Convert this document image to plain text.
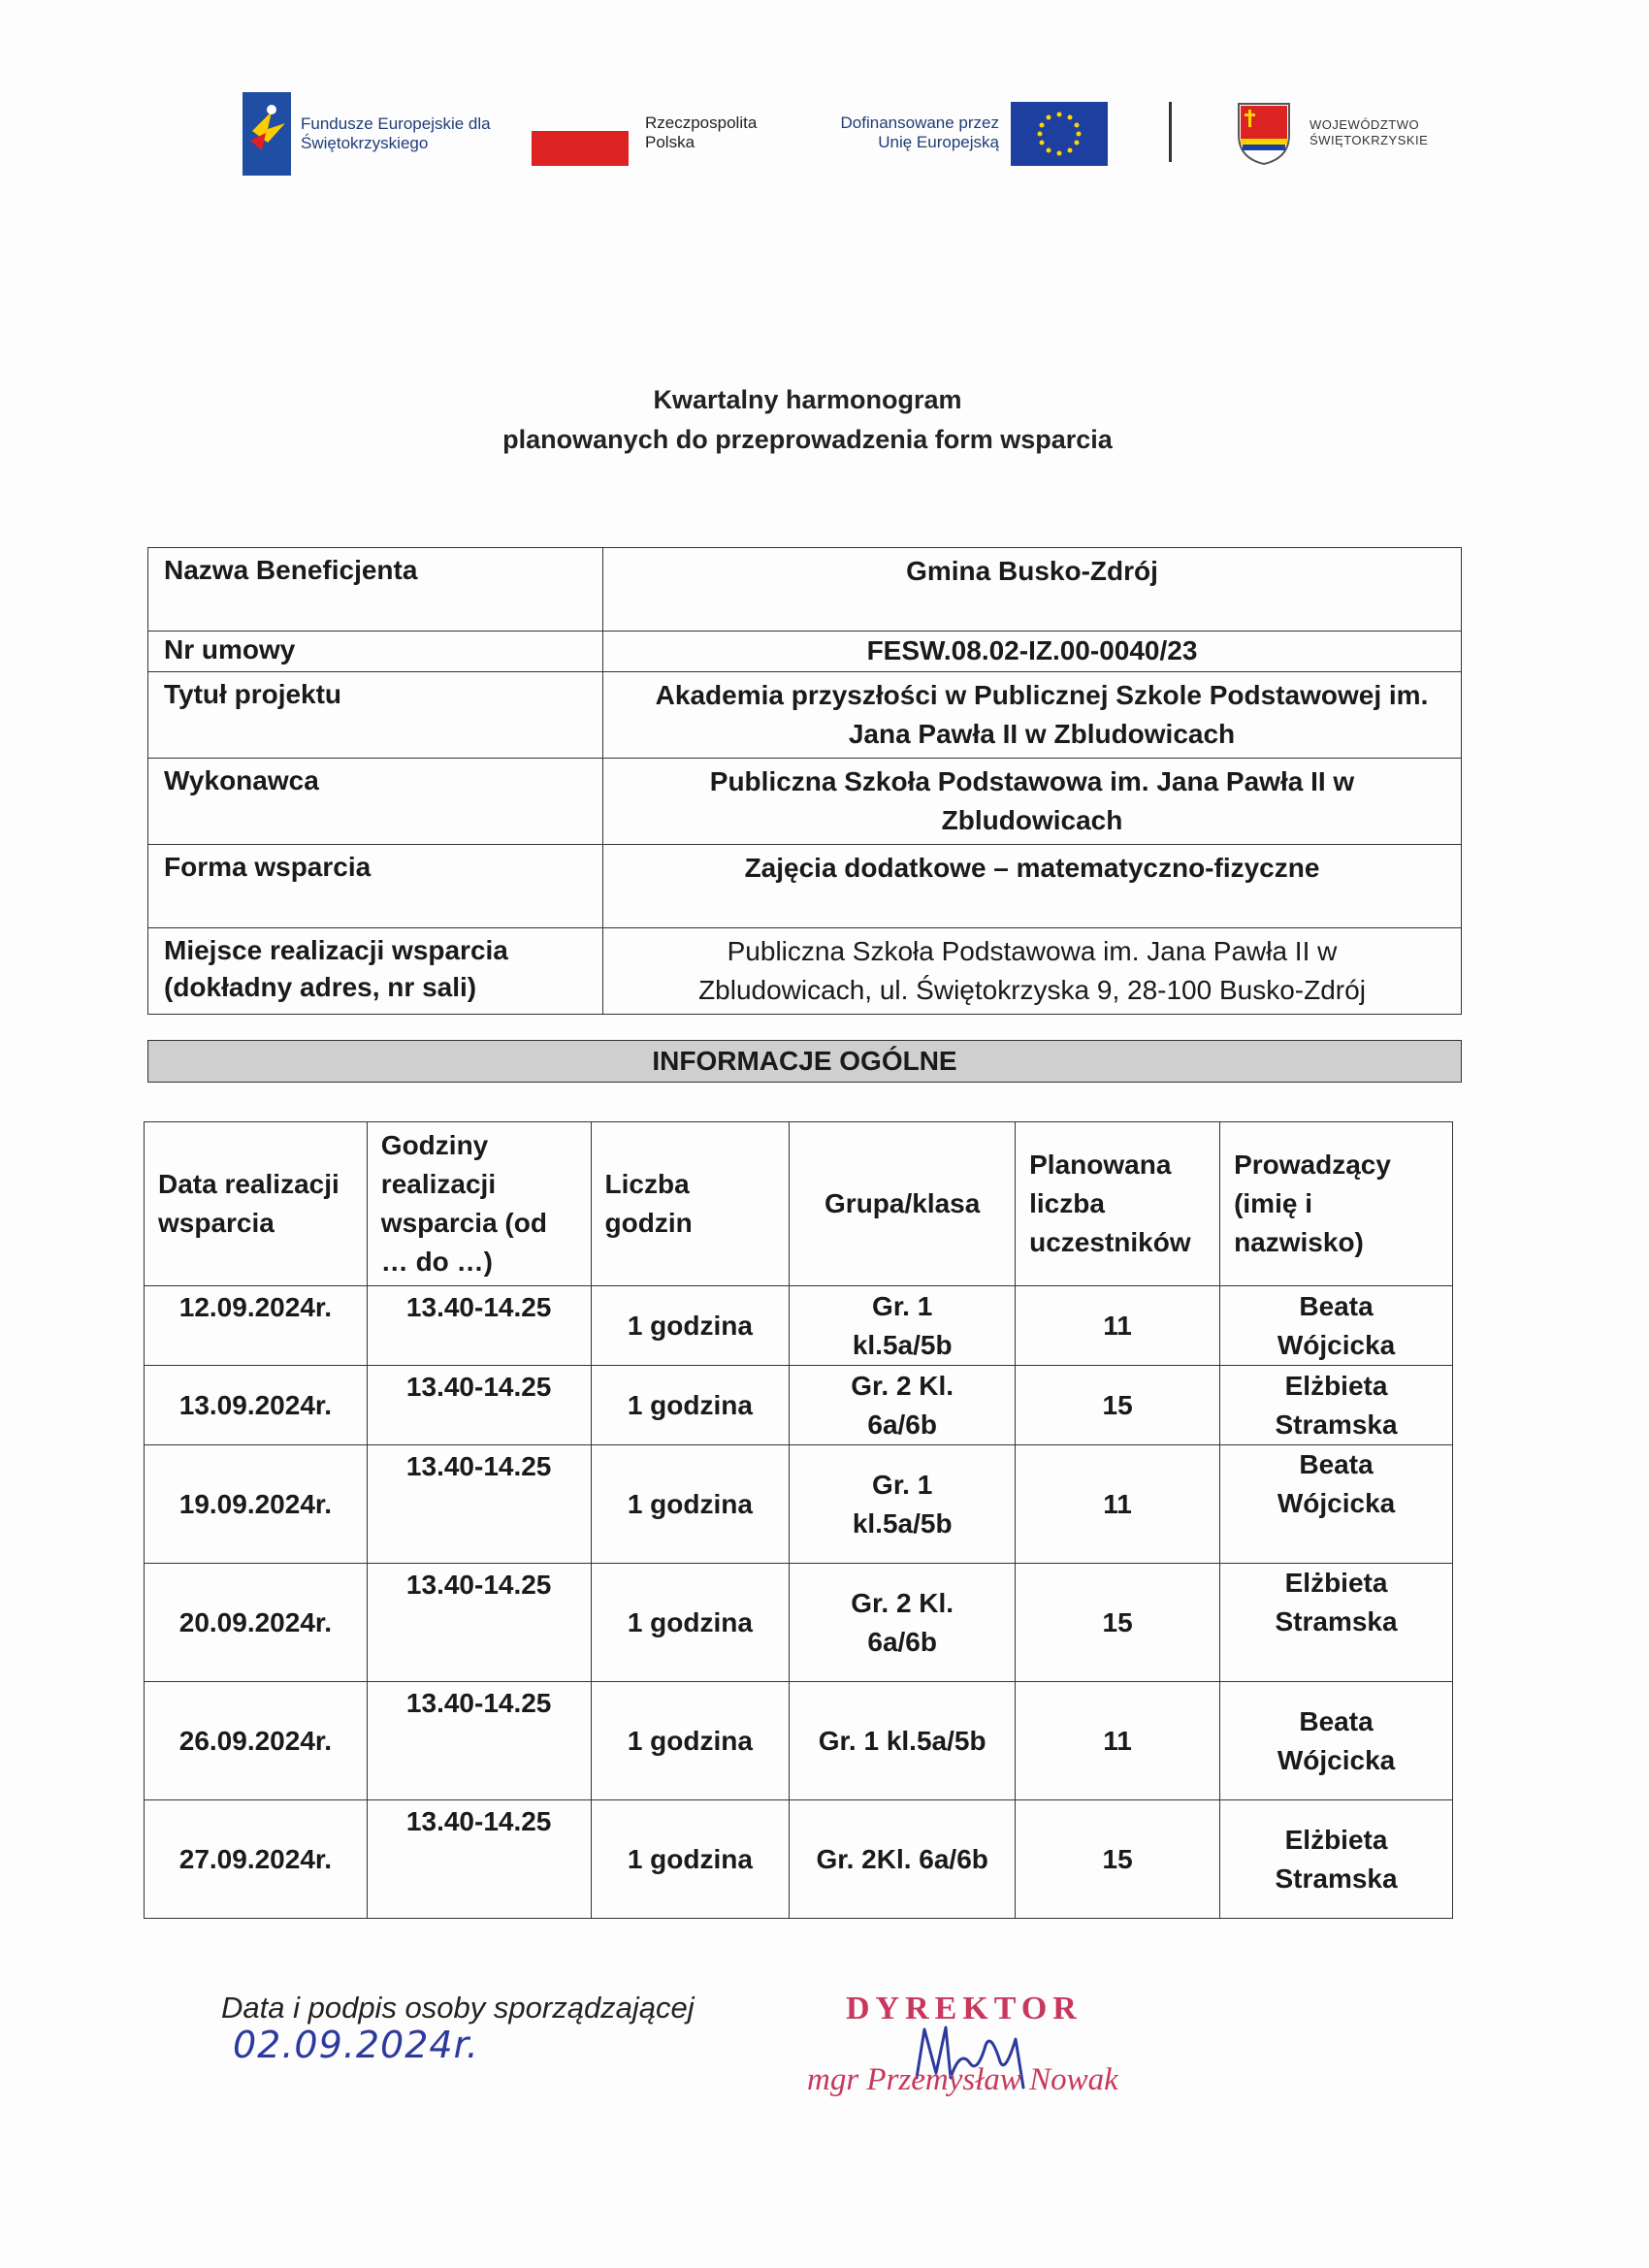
Fundusze Europejskie dla Świętokrzyskiego
Rzeczpospolita Polska
Dofinansowane przez Unię Europejską
WOJEWÓDZTWO ŚWIĘTOKRZYSKIE
Kwartalny harmonogram
planowanych do przeprowadzenia form wsparcia
Nazwa Beneficjenta	Gmina Busko-Zdrój
Nr umowy	FESW.08.02-IZ.00-0040/23
Tytuł projektu	Akademia przyszłości w Publicznej Szkole Podstawowej im. Jana Pawła II w Zbludowicach
Wykonawca	Publiczna Szkoła Podstawowa im. Jana Pawła II w Zbludowicach
Forma wsparcia	Zajęcia dodatkowe – matematyczno-fizyczne
Miejsce realizacji wsparcia (dokładny adres, nr sali)	Publiczna Szkoła Podstawowa im. Jana Pawła II w Zbludowicach, ul. Świętokrzyska 9, 28-100 Busko-Zdrój
INFORMACJE OGÓLNE
Data realizacji wsparcia	Godziny realizacji wsparcia (od … do …)	Liczba godzin	Grupa/klasa	Planowana liczba uczestników	Prowadzący (imię i nazwisko)
12.09.2024r.	13.40-14.25	1 godzina	Gr. 1 kl.5a/5b	11	Beata Wójcicka
13.09.2024r.	13.40-14.25	1 godzina	Gr. 2 Kl. 6a/6b	15	Elżbieta Stramska
19.09.2024r.	13.40-14.25	1 godzina	Gr. 1 kl.5a/5b	11	Beata Wójcicka
20.09.2024r.	13.40-14.25	1 godzina	Gr. 2 Kl. 6a/6b	15	Elżbieta Stramska
26.09.2024r.	13.40-14.25	1 godzina	Gr. 1 kl.5a/5b	11	Beata Wójcicka
27.09.2024r.	13.40-14.25	1 godzina	Gr. 2Kl. 6a/6b	15	Elżbieta Stramska
Data i podpis osoby sporządzającej
02.09.2024r.
DYREKTOR
mgr Przemysław Nowak
